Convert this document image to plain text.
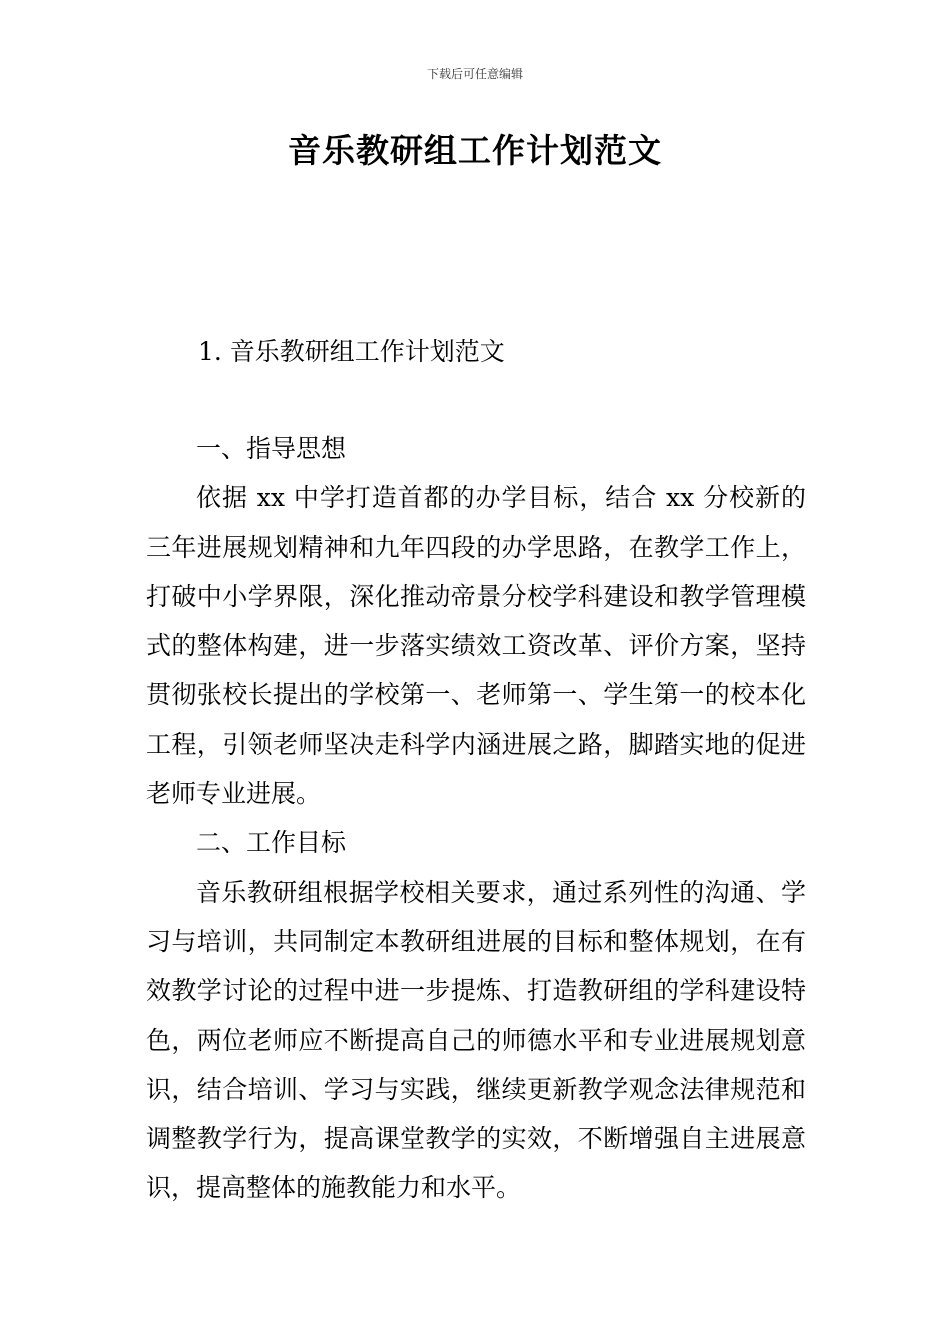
下载后可任意编辑
音乐教研组工作计划范文
1. 音乐教研组工作计划范文

一、指导思想

依据 xx 中学打造首都的办学目标，结合 xx 分校新的三年进展规划精神和九年四段的办学思路，在教学工作上，打破中小学界限，深化推动帝景分校学科建设和教学管理模式的整体构建，进一步落实绩效工资改革、评价方案，坚持贯彻张校长提出的学校第一、老师第一、学生第一的校本化工程，引领老师坚决走科学内涵进展之路，脚踏实地的促进老师专业进展。

二、工作目标

音乐教研组根据学校相关要求，通过系列性的沟通、学习与培训，共同制定本教研组进展的目标和整体规划，在有效教学讨论的过程中进一步提炼、打造教研组的学科建设特色，两位老师应不断提高自己的师德水平和专业进展规划意识，结合培训、学习与实践，继续更新教学观念法律规范和调整教学行为，提高课堂教学的实效，不断增强自主进展意识，提高整体的施教能力和水平。
